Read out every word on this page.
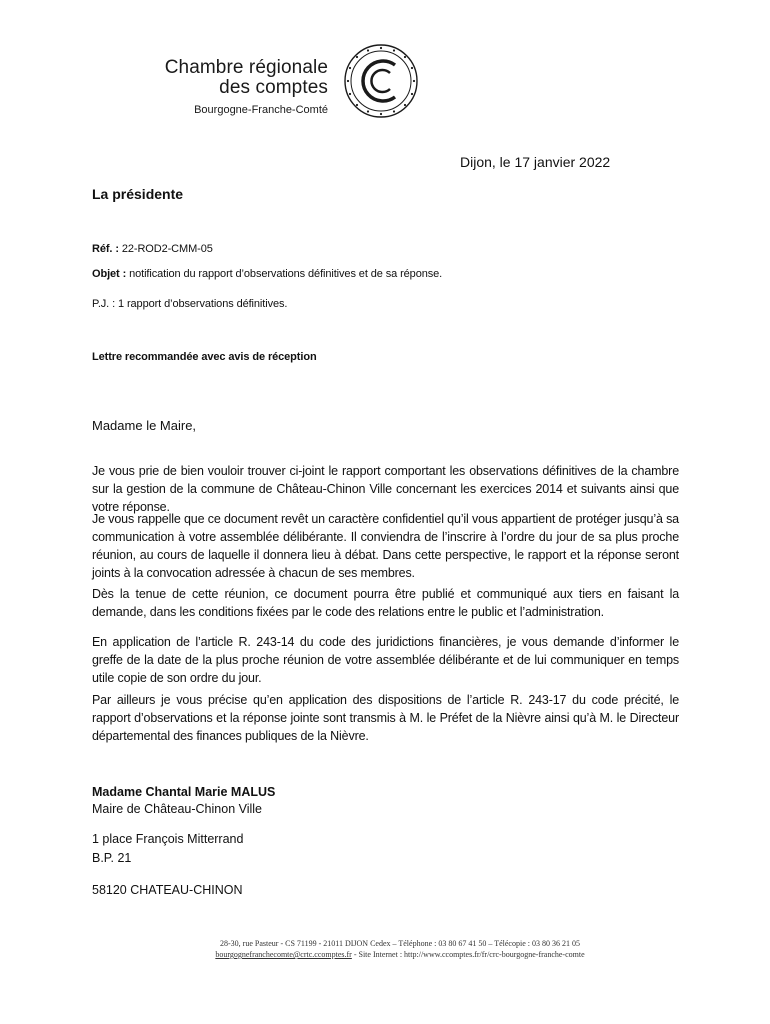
Chambre régionale
des comptes
Bourgogne-Franche-Comté
Dijon, le 17 janvier 2022
La présidente
Réf. : 22-ROD2-CMM-05
Objet : notification du rapport d’observations définitives et de sa réponse.
P.J. : 1 rapport d’observations définitives.
Lettre recommandée avec avis de réception
Madame le Maire,
Je vous prie de bien vouloir trouver ci-joint le rapport comportant les observations définitives de la chambre sur la gestion de la commune de Château-Chinon Ville concernant les exercices 2014 et suivants ainsi que votre réponse.
Je vous rappelle que ce document revêt un caractère confidentiel qu’il vous appartient de protéger jusqu’à sa communication à votre assemblée délibérante. Il conviendra de l’inscrire à l’ordre du jour de sa plus proche réunion, au cours de laquelle il donnera lieu à débat. Dans cette perspective, le rapport et la réponse seront joints à la convocation adressée à chacun de ses membres.
Dès la tenue de cette réunion, ce document pourra être publié et communiqué aux tiers en faisant la demande, dans les conditions fixées par le code des relations entre le public et l’administration.
En application de l’article R. 243-14 du code des juridictions financières, je vous demande d’informer le greffe de la date de la plus proche réunion de votre assemblée délibérante et de lui communiquer en temps utile copie de son ordre du jour.
Par ailleurs je vous précise qu’en application des dispositions de l’article R. 243-17 du code précité, le rapport d’observations et la réponse jointe sont transmis à M. le Préfet de la Nièvre ainsi qu’à M. le Directeur départemental des finances publiques de la Nièvre.
Madame Chantal Marie MALUS
Maire de Château-Chinon Ville
1 place François Mitterrand
B.P. 21
58120 CHATEAU-CHINON
28-30, rue Pasteur - CS 71199 - 21011 DIJON Cedex – Téléphone : 03 80 67 41 50 – Télécopie : 03 80 36 21 05
bourgognefranchecomte@crtc.ccomptes.fr - Site Internet : http://www.ccomptes.fr/fr/crc-bourgogne-franche-comte
